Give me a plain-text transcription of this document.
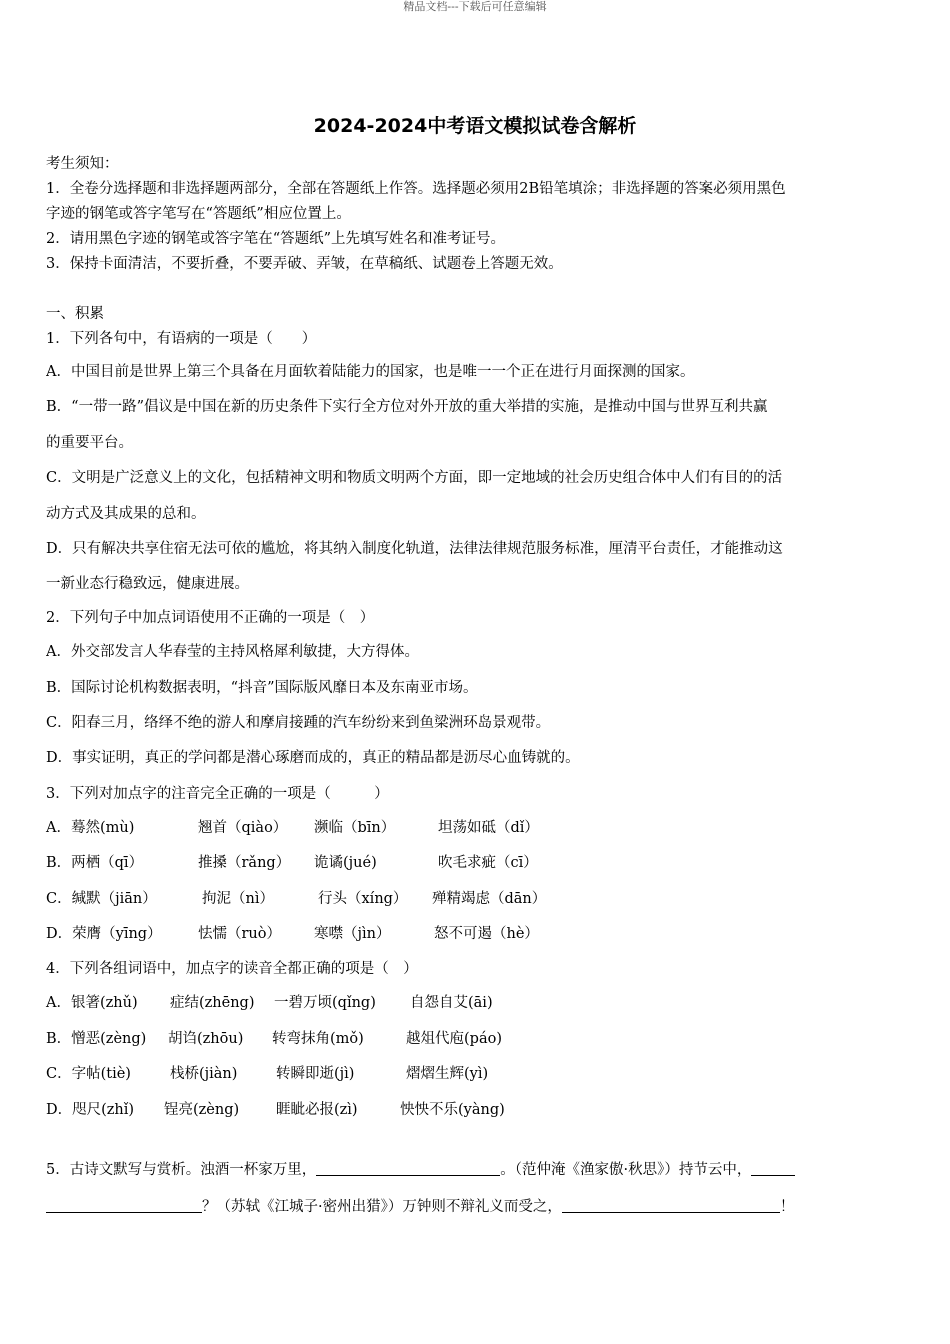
精品文档---下载后可任意编辑
2024-2024中考语文模拟试卷含解析
考生须知：
1．全卷分选择题和非选择题两部分，全部在答题纸上作答。选择题必须用2B铅笔填涂；非选择题的答案必须用黑色
字迹的钢笔或答字笔写在“答题纸”相应位置上。
2．请用黑色字迹的钢笔或答字笔在“答题纸”上先填写姓名和准考证号。
3．保持卡面清洁，不要折叠，不要弄破、弄皱，在草稿纸、试题卷上答题无效。
一、积累
1．下列各句中，有语病的一项是（　　）
A．中国目前是世界上第三个具备在月面软着陆能力的国家，也是唯一一个正在进行月面探测的国家。
B．“一带一路”倡议是中国在新的历史条件下实行全方位对外开放的重大举措的实施，是推动中国与世界互利共赢
的重要平台。
C．文明是广泛意义上的文化，包括精神文明和物质文明两个方面，即一定地域的社会历史组合体中人们有目的的活
动方式及其成果的总和。
D．只有解决共享住宿无法可依的尴尬，将其纳入制度化轨道，法律法律规范服务标准，厘清平台责任，才能推动这
一新业态行稳致远，健康进展。
2．下列句子中加点词语使用不正确的一项是（　）
A．外交部发言人华春莹的主持风格犀利敏捷，大方得体。
B．国际讨论机构数据表明，“抖音”国际版风靡日本及东南亚市场。
C．阳春三月，络绎不绝的游人和摩肩接踵的汽车纷纷来到鱼梁洲环岛景观带。
D．事实证明，真正的学问都是潜心琢磨而成的，真正的精品都是沥尽心血铸就的。
3．下列对加点字的注音完全正确的一项是（　　　）
A．蓦然(mù)	翘首（qiào） 濒临（bīn）	坦荡如砥（dǐ）
B．两栖（qī）	推搡（rǎng） 诡谲(jué)	吹毛求疵（cī）
C．缄默（jiān）	拘泥（nì）	行头（xíng） 殚精竭虑（dān）
D．荣膺（yīng）	怯懦（ruò） 寒噤（jìn）	怒不可遏（hè）
4．下列各组词语中，加点字的读音全都正确的项是（　）
A．银箸(zhǔ) 症结(zhēng) 一碧万顷(qǐng) 自怨自艾(āi)
B．憎恶(zèng) 胡诌(zhōu) 转弯抹角(mǒ)	越俎代庖(páo)
C．字帖(tiè)	栈桥(jiàn)	转瞬即逝(jì)	熠熠生辉(yì)
D．咫尺(zhǐ) 锃亮(zèng)	睚眦必报(zì)	怏怏不乐(yàng)
5．古诗文默写与赏析。浊酒一杯家万里，	。（范仲淹《渔家傲·秋思》）持节云中，
？（苏轼《江城子·密州出猎》）万钟则不辩礼义而受之，	！
